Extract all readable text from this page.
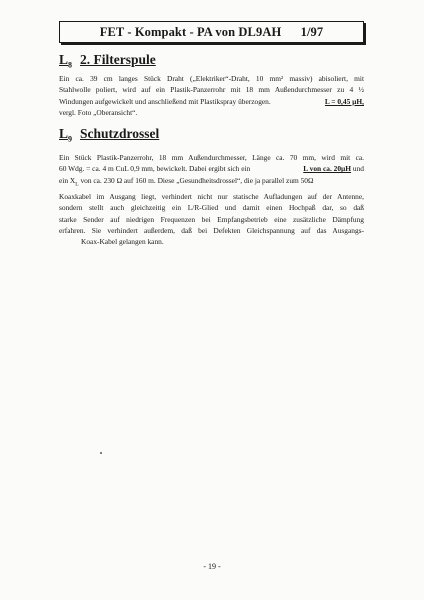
FET - Kompakt - PA von DL9AH      1/97
$L_8$ 2. Filterspule
Ein ca. 39 cm langes Stück Draht („Elektriker“-Draht, 10 mm² massiv) abisoliert, mit
Stahlwolle poliert, wird auf ein Plastik-Panzerrohr mit 18 mm Außendurchmesser zu 4 ½
Windungen aufgewickelt und anschließend mit Plastikspray überzogen.	L = 0,45 µH,
vergl. Foto „Oberansicht“.
$L_9$ Schutzdrossel
Ein Stück Plastik-Panzerrohr, 18 mm Außendurchmesser, Länge ca. 70 mm, wird mit ca.
60 Wdg. = ca. 4 m CuL 0,9 mm, bewickelt. Dabei ergibt sich ein	L von ca. 20µH und
ein $X_L$ von ca. 230 Ω auf 160 m. Diese „Gesundheitsdrossel“, die ja parallel zum 50Ω
Koaxkabel im Ausgang liegt, verhindert nicht nur statische Aufladungen auf der Antenne,
sondern stellt auch gleichzeitig ein L/R-Glied und damit einen Hochpaß dar, so daß
starke Sender auf niedrigen Frequenzen bei Empfangsbetrieb eine zusätzliche Dämpfung
erfahren. Sie verhindert außerdem, daß bei Defekten Gleichspannung auf das Ausgangs-
Koax-Kabel gelangen kann.
- 19 -
